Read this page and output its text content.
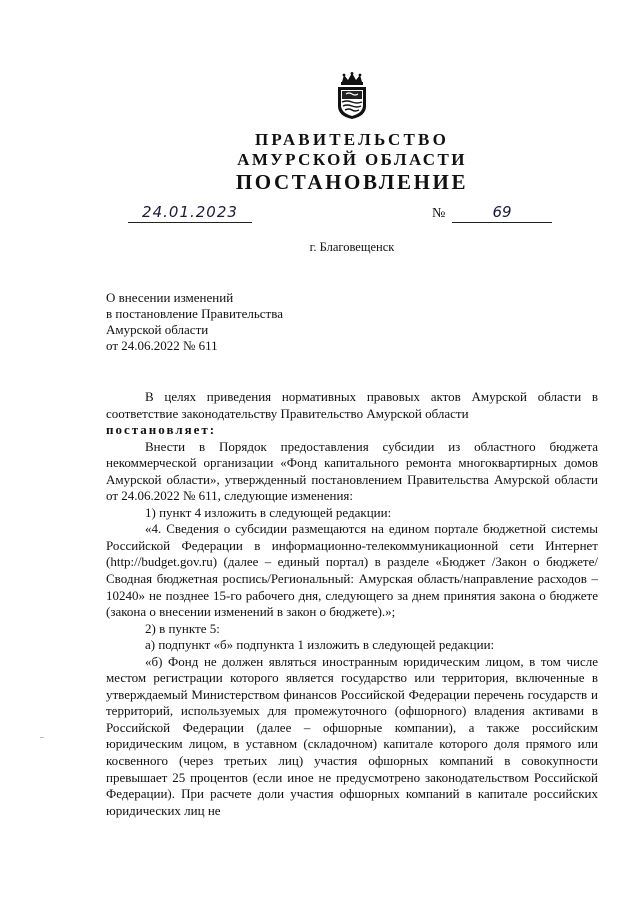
ПРАВИТЕЛЬСТВО
АМУРСКОЙ ОБЛАСТИ
ПОСТАНОВЛЕНИЕ
24.01.2023	№	69
г. Благовещенск
О внесении изменений
в постановление Правительства
Амурской области
от 24.06.2022 № 611

В целях приведения нормативных правовых актов Амурской области в соответствие законодательству Правительство Амурской области

постановляет:

Внести в Порядок предоставления субсидии из областного бюджета некоммерческой организации «Фонд капитального ремонта многоквартирных домов Амурской области», утвержденный постановлением Правительства Амурской области от 24.06.2022 № 611, следующие изменения:

1) пункт 4 изложить в следующей редакции:

«4. Сведения о субсидии размещаются на едином портале бюджетной системы Российской Федерации в информационно-телекоммуникационной сети Интернет (http://budget.gov.ru) (далее – единый портал) в разделе «Бюджет /Закон о бюджете/Сводная бюджетная роспись/Региональный: Амурская область/направление расходов – 10240» не позднее 15-го рабочего дня, следующего за днем принятия закона о бюджете (закона о внесении изменений в закон о бюджете).»;

2) в пункте 5:

а) подпункт «б» подпункта 1 изложить в следующей редакции:

«б) Фонд не должен являться иностранным юридическим лицом, в том числе местом регистрации которого является государство или территория, включенные в утверждаемый Министерством финансов Российской Федерации перечень государств и территорий, используемых для промежуточного (офшорного) владения активами в Российской Федерации (далее – офшорные компании), а также российским юридическим лицом, в уставном (складочном) капитале которого доля прямого или косвенного (через третьих лиц) участия офшорных компаний в совокупности превышает 25 процентов (если иное не предусмотрено законодательством Российской Федерации). При расчете доли участия офшорных компаний в капитале российских юридических лиц не
